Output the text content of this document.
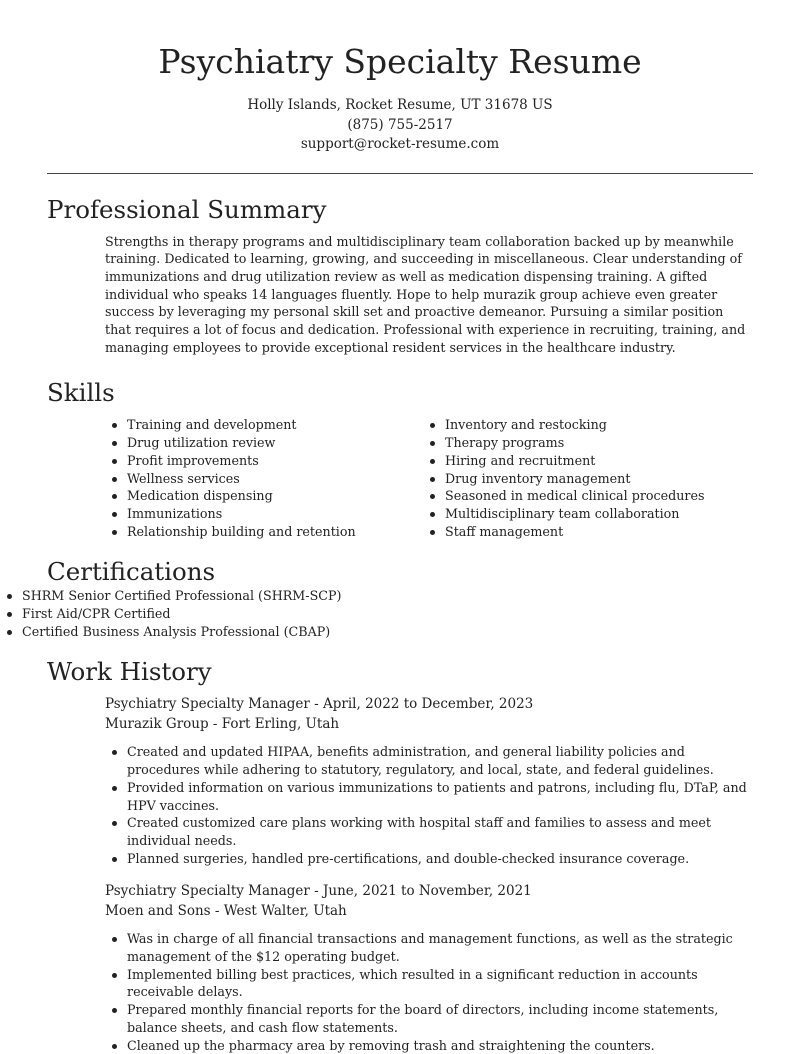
Psychiatry Specialty Resume
Holly Islands, Rocket Resume, UT 31678 US
(875) 755-2517
support@rocket-resume.com
Professional Summary

Strengths in therapy programs and multidisciplinary team collaboration backed up by meanwhile training. Dedicated to learning, growing, and succeeding in miscellaneous. Clear understanding of immunizations and drug utilization review as well as medication dispensing training. A gifted individual who speaks 14 languages fluently. Hope to help murazik group achieve even greater success by leveraging my personal skill set and proactive demeanor. Pursuing a similar position that requires a lot of focus and dedication. Professional with experience in recruiting, training, and managing employees to provide exceptional resident services in the healthcare industry.

Skills
Training and development
Drug utilization review
Profit improvements
Wellness services
Medication dispensing
Immunizations
Relationship building and retention
Inventory and restocking
Therapy programs
Hiring and recruitment
Drug inventory management
Seasoned in medical clinical procedures
Multidisciplinary team collaboration
Staff management
Certifications
SHRM Senior Certified Professional (SHRM-SCP)
First Aid/CPR Certified
Certified Business Analysis Professional (CBAP)
Work History
Psychiatry Specialty Manager - April, 2022 to December, 2023
Murazik Group - Fort Erling, Utah
Created and updated HIPAA, benefits administration, and general liability policies and procedures while adhering to statutory, regulatory, and local, state, and federal guidelines.
Provided information on various immunizations to patients and patrons, including flu, DTaP, and HPV vaccines.
Created customized care plans working with hospital staff and families to assess and meet individual needs.
Planned surgeries, handled pre-certifications, and double-checked insurance coverage.
Psychiatry Specialty Manager - June, 2021 to November, 2021
Moen and Sons - West Walter, Utah
Was in charge of all financial transactions and management functions, as well as the strategic management of the $12 operating budget.
Implemented billing best practices, which resulted in a significant reduction in accounts receivable delays.
Prepared monthly financial reports for the board of directors, including income statements, balance sheets, and cash flow statements.
Cleaned up the pharmacy area by removing trash and straightening the counters.
